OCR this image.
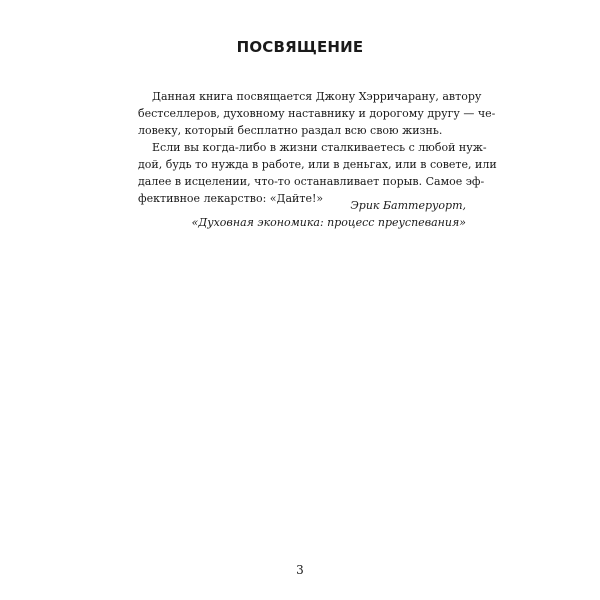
ПОСВЯЩЕНИЕ
Данная книга посвящается Джону Хэрричарану, автору
бестселлеров, духовному наставнику и дорогому другу — че-
ловеку, который бесплатно раздал всю свою жизнь.
Если вы когда-либо в жизни сталкиваетесь с любой нуж-
дой, будь то нужда в работе, или в деньгах, или в совете, или
далее в исцелении, что-то останавливает порыв. Самое эф-
фективное лекарство: «Дайте!»
Эрик Баттеруорт,
«Духовная экономика: процесс преуспевания»
3
